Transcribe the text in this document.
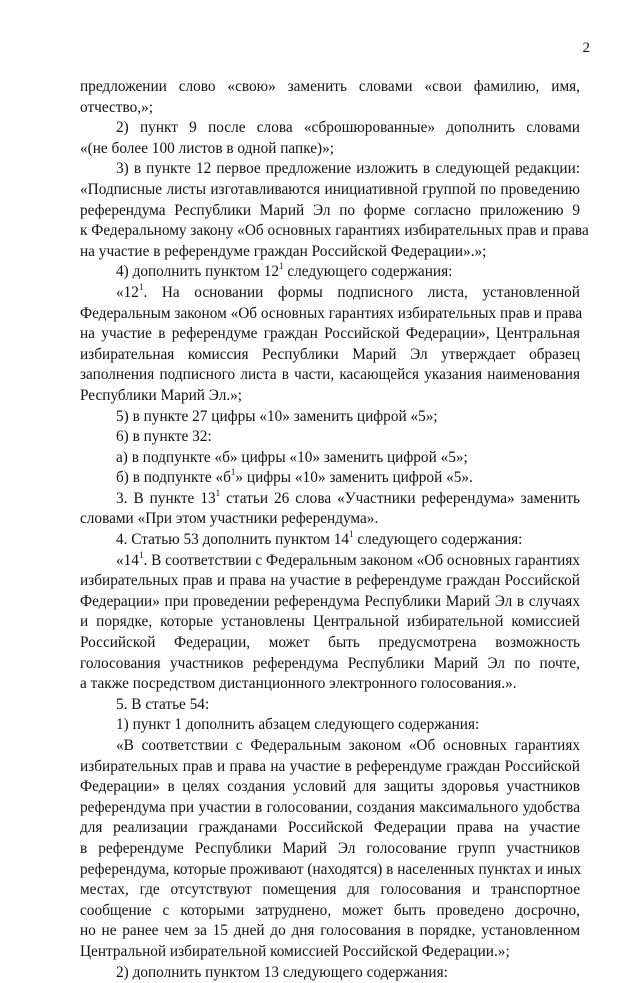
2
предложении слово «свою» заменить словами «свои фамилию, имя,
отчество,»;
2) пункт 9 после слова «сброшюрованные» дополнить словами
«(не более 100 листов в одной папке)»;
3) в пункте 12 первое предложение изложить в следующей редакции:
«Подписные листы изготавливаются инициативной группой по проведению
референдума Республики Марий Эл по форме согласно приложению 9
к Федеральному закону «Об основных гарантиях избирательных прав и права
на участие в референдуме граждан Российской Федерации».»;
4) дополнить пунктом $12^1$ следующего содержания:
«$12^1$. На основании формы подписного листа, установленной
Федеральным законом «Об основных гарантиях избирательных прав и права
на участие в референдуме граждан Российской Федерации», Центральная
избирательная комиссия Республики Марий Эл утверждает образец
заполнения подписного листа в части, касающейся указания наименования
Республики Марий Эл.»;
5) в пункте 27 цифры «10» заменить цифрой «5»;
6) в пункте 32:
а) в подпункте «б» цифры «10» заменить цифрой «5»;
б) в подпункте «$б^1$» цифры «10» заменить цифрой «5».
3. В пункте $13^1$ статьи 26 слова «Участники референдума» заменить
словами «При этом участники референдума».
4. Статью 53 дополнить пунктом $14^1$ следующего содержания:
«$14^1$. В соответствии с Федеральным законом «Об основных гарантиях
избирательных прав и права на участие в референдуме граждан Российской
Федерации» при проведении референдума Республики Марий Эл в случаях
и порядке, которые установлены Центральной избирательной комиссией
Российской Федерации, может быть предусмотрена возможность
голосования участников референдума Республики Марий Эл по почте,
а также посредством дистанционного электронного голосования.».
5. В статье 54:
1) пункт 1 дополнить абзацем следующего содержания:
«В соответствии с Федеральным законом «Об основных гарантиях
избирательных прав и права на участие в референдуме граждан Российской
Федерации» в целях создания условий для защиты здоровья участников
референдума при участии в голосовании, создания максимального удобства
для реализации гражданами Российской Федерации права на участие
в референдуме Республики Марий Эл голосование групп участников
референдума, которые проживают (находятся) в населенных пунктах и иных
местах, где отсутствуют помещения для голосования и транспортное
сообщение с которыми затруднено, может быть проведено досрочно,
но не ранее чем за 15 дней до дня голосования в порядке, установленном
Центральной избирательной комиссией Российской Федерации.»;
2) дополнить пунктом 13 следующего содержания:
